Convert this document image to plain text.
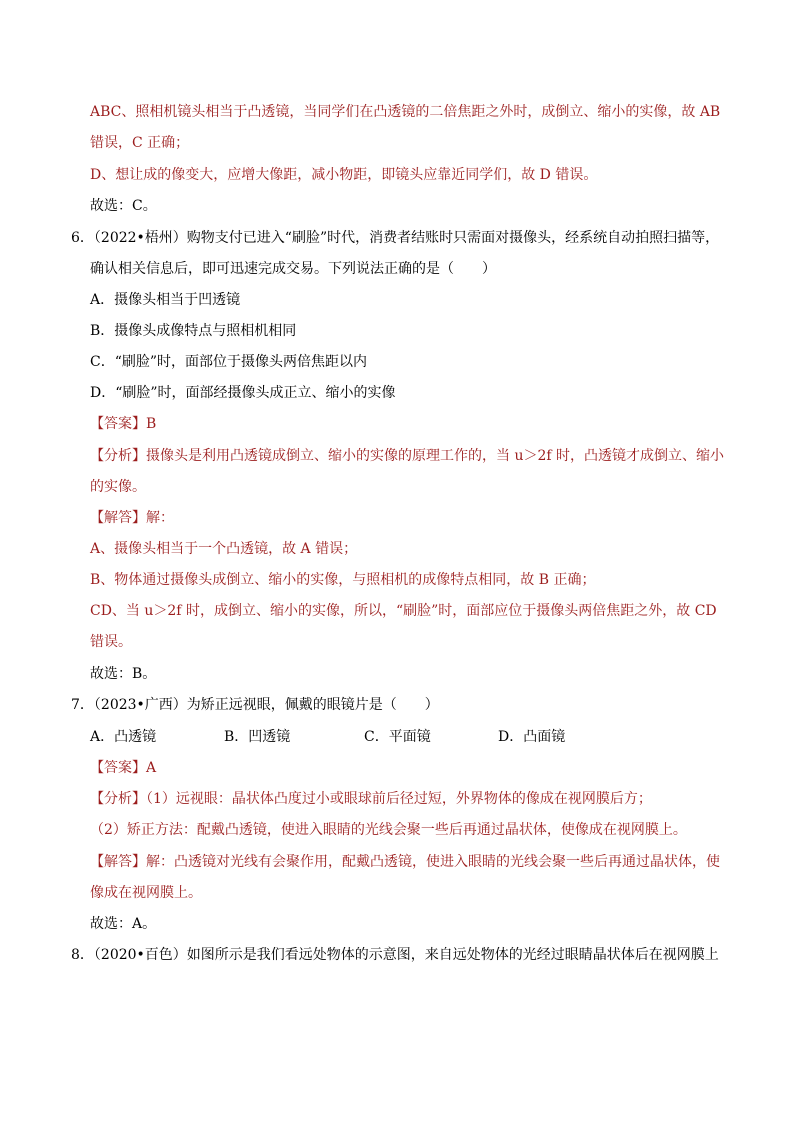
ABC、照相机镜头相当于凸透镜，当同学们在凸透镜的二倍焦距之外时，成倒立、缩小的实像，故 AB
错误，C 正确；
D、想让成的像变大，应增大像距，减小物距，即镜头应靠近同学们，故 D 错误。
故选：C。
6．（2022•梧州）购物支付已进入“刷脸”时代，消费者结账时只需面对摄像头，经系统自动拍照扫描等，
确认相关信息后，即可迅速完成交易。下列说法正确的是（　　）
A．摄像头相当于凹透镜
B．摄像头成像特点与照相机相同
C．“刷脸”时，面部位于摄像头两倍焦距以内
D．“刷脸”时，面部经摄像头成正立、缩小的实像
【答案】B
【分析】摄像头是利用凸透镜成倒立、缩小的实像的原理工作的，当 u＞2f 时，凸透镜才成倒立、缩小
的实像。
【解答】解：
A、摄像头相当于一个凸透镜，故 A 错误；
B、物体通过摄像头成倒立、缩小的实像，与照相机的成像特点相同，故 B 正确；
CD、当 u＞2f 时，成倒立、缩小的实像，所以，“刷脸”时，面部应位于摄像头两倍焦距之外，故 CD
错误。
故选：B。
7．（2023•广西）为矫正远视眼，佩戴的眼镜片是（　　）
A．凸透镜	B．凹透镜	C．平面镜	D．凸面镜
【答案】A
【分析】（1）远视眼：晶状体凸度过小或眼球前后径过短，外界物体的像成在视网膜后方；
（2）矫正方法：配戴凸透镜，使进入眼睛的光线会聚一些后再通过晶状体，使像成在视网膜上。
【解答】解：凸透镜对光线有会聚作用，配戴凸透镜，使进入眼睛的光线会聚一些后再通过晶状体，使
像成在视网膜上。
故选：A。
8．（2020•百色）如图所示是我们看远处物体的示意图，来自远处物体的光经过眼睛晶状体后在视网膜上
